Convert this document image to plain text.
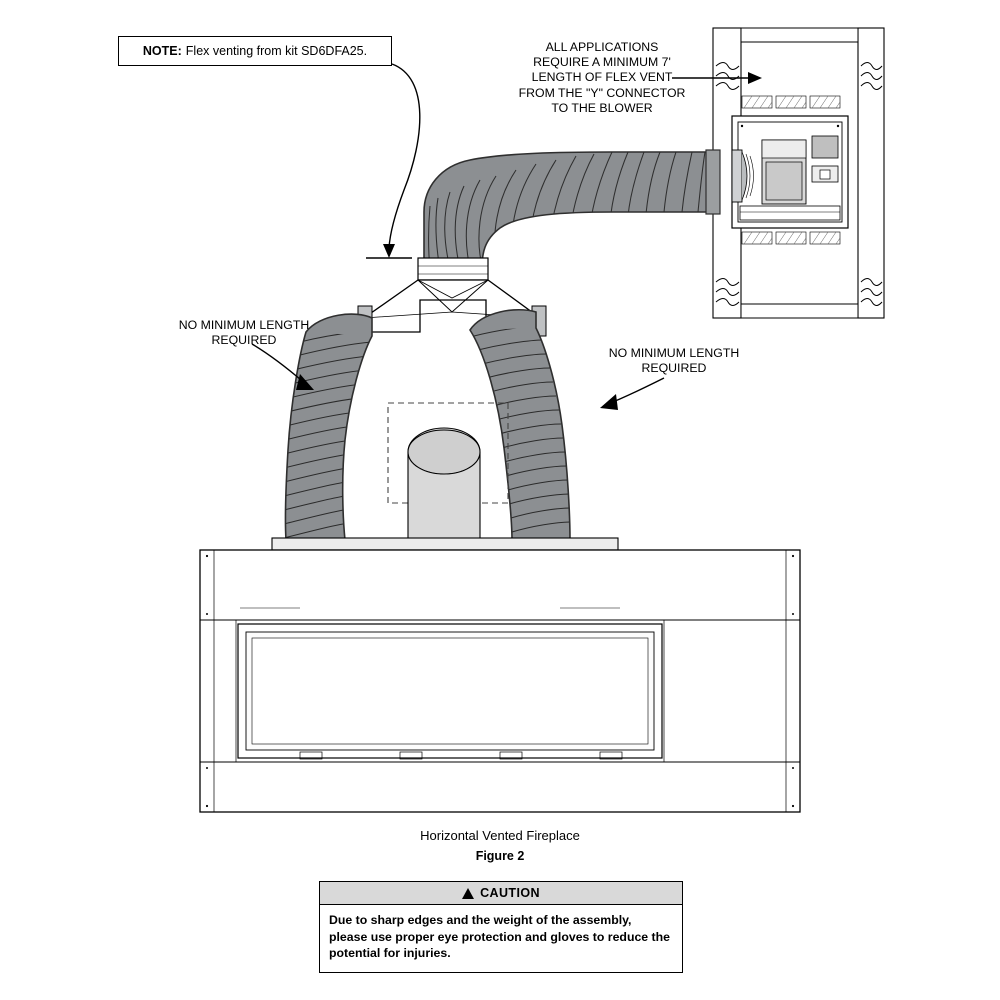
NOTE: Flex venting from kit SD6DFA25.	ALL APPLICATIONS REQUIRE A MINIMUM 7' LENGTH OF FLEX VENT FROM THE "Y" CONNECTOR TO THE BLOWER
NO MINIMUM LENGTH REQUIRED
NO MINIMUM LENGTH REQUIRED
Horizontal Vented Fireplace
Figure 2
CAUTION
Due to sharp edges and the weight of the assembly, please use proper eye protection and gloves to reduce the potential for injuries.
